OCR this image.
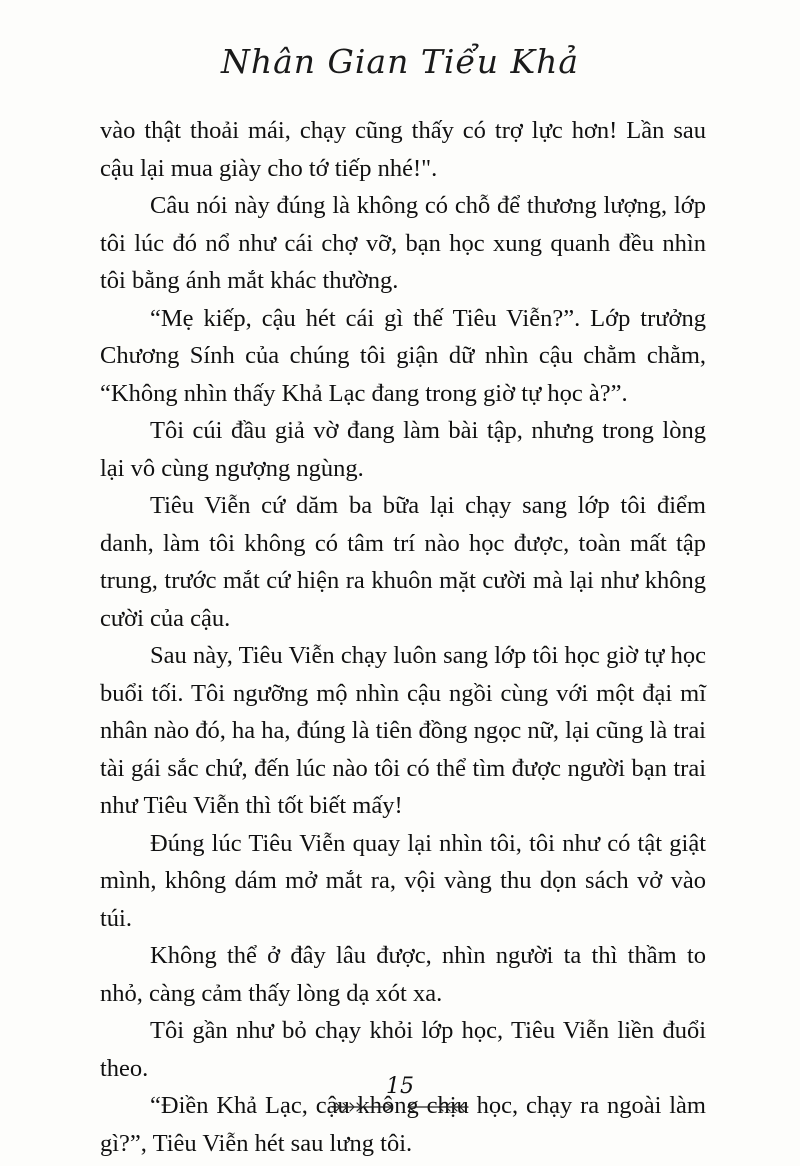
Nhân Gian Tiểu Khả

vào thật thoải mái, chạy cũng thấy có trợ lực hơn! Lần sau cậu lại mua giày cho tớ tiếp nhé!".

Câu nói này đúng là không có chỗ để thương lượng, lớp tôi lúc đó nổ như cái chợ vỡ, bạn học xung quanh đều nhìn tôi bằng ánh mắt khác thường.

“Mẹ kiếp, cậu hét cái gì thế Tiêu Viễn?”. Lớp trưởng Chương Sính của chúng tôi giận dữ nhìn cậu chằm chằm, “Không nhìn thấy Khả Lạc đang trong giờ tự học à?”.

Tôi cúi đầu giả vờ đang làm bài tập, nhưng trong lòng lại vô cùng ngượng ngùng.

Tiêu Viễn cứ dăm ba bữa lại chạy sang lớp tôi điểm danh, làm tôi không có tâm trí nào học được, toàn mất tập trung, trước mắt cứ hiện ra khuôn mặt cười mà lại như không cười của cậu.

Sau này, Tiêu Viễn chạy luôn sang lớp tôi học giờ tự học buổi tối. Tôi ngưỡng mộ nhìn cậu ngồi cùng với một đại mĩ nhân nào đó, ha ha, đúng là tiên đồng ngọc nữ, lại cũng là trai tài gái sắc chứ, đến lúc nào tôi có thể tìm được người bạn trai như Tiêu Viễn thì tốt biết mấy!

Đúng lúc Tiêu Viễn quay lại nhìn tôi, tôi như có tật giật mình, không dám mở mắt ra, vội vàng thu dọn sách vở vào túi.

Không thể ở đây lâu được, nhìn người ta thì thầm to nhỏ, càng cảm thấy lòng dạ xót xa.

Tôi gần như bỏ chạy khỏi lớp học, Tiêu Viễn liền đuổi theo.

“Điền Khả Lạc, cậu không chịu học, chạy ra ngoài làm gì?”, Tiêu Viễn hét sau lưng tôi.

15
